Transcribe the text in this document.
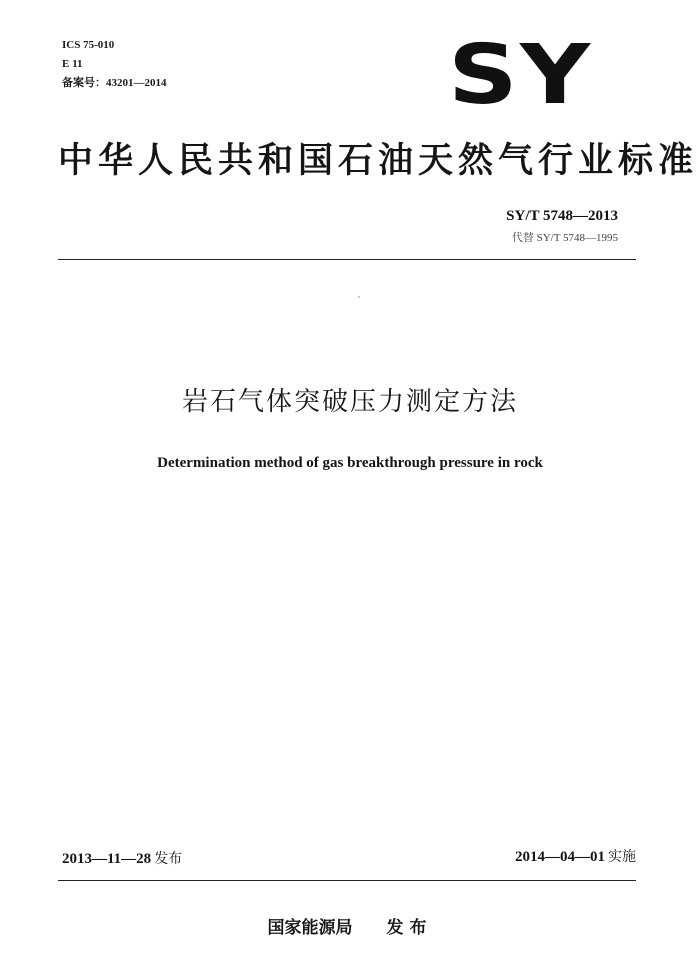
ICS 75-010
E 11
备案号：43201—2014	SY
中华人民共和国石油天然气行业标准
SY/T 5748—2013
代替 SY/T 5748—1995
岩石气体突破压力测定方法
Determination method of gas breakthrough pressure in rock
2013—11—28 发布	2014—04—01 实施
国家能源局 发布
